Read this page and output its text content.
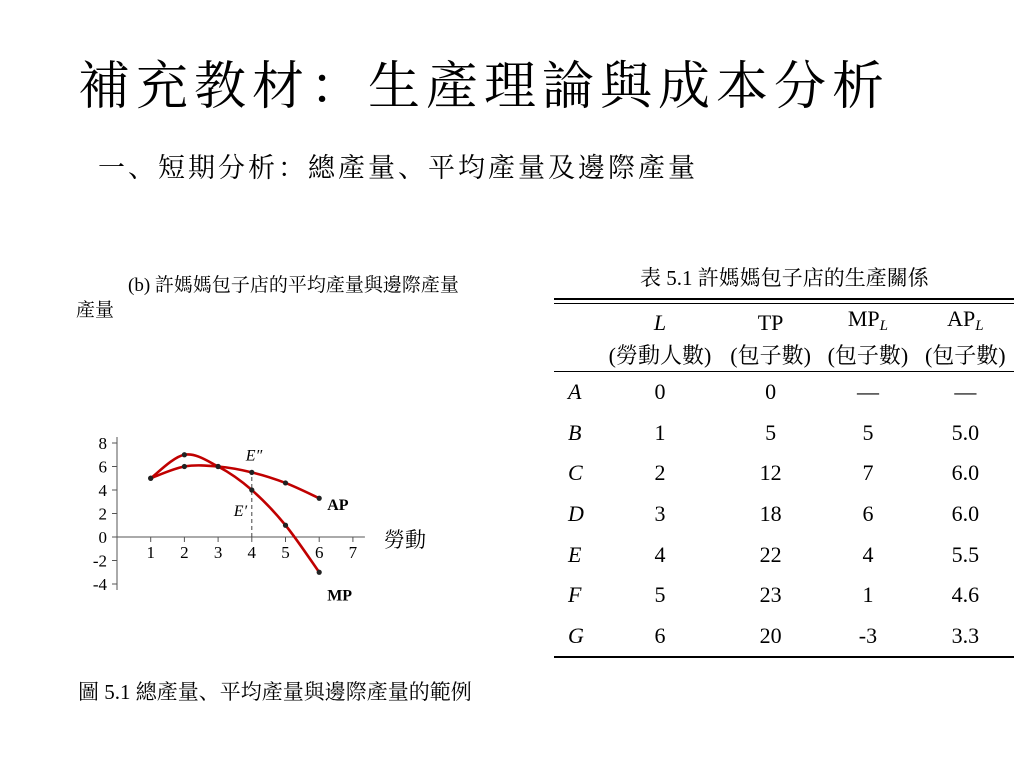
補充教材：生產理論與成本分析
一、短期分析：總產量、平均產量及邊際產量
(b) 許媽媽包子店的平均產量與邊際產量
產量
勞動
8
6
4
2
0
-2
-4
1 2 3 4 5 6 7
AP
MP
E″
E′
圖 5.1 總產量、平均產量與邊際產量的範例
表 5.1 許媽媽包子店的生產關係
	L	TP	$MP_L$	$AP_L$
	(勞動人數)	(包子數)	(包子數)	(包子數)
A	0	0	—	—
B	1	5	5	5.0
C	2	12	7	6.0
D	3	18	6	6.0
E	4	22	4	5.5
F	5	23	1	4.6
G	6	20	-3	3.3
